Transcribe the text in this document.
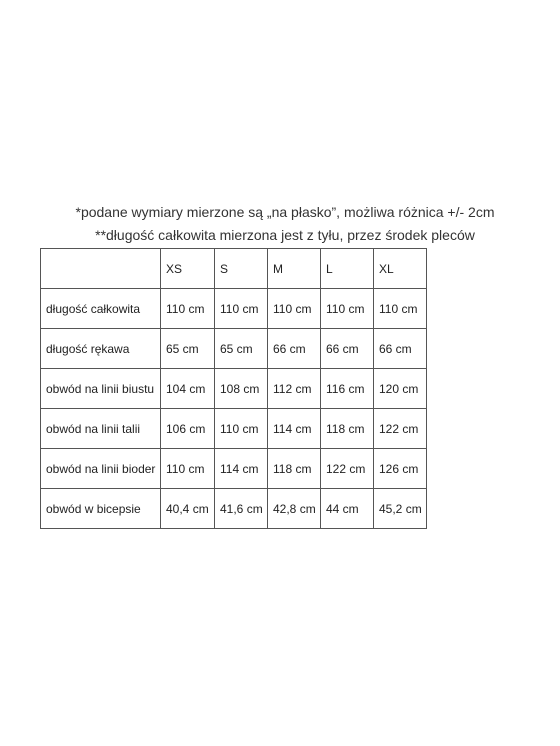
*podane wymiary mierzone są „na płasko”, możliwa różnica +/- 2cm
**długość całkowita mierzona jest z tyłu, przez środek pleców
	XS	S	M	L	XL
długość całkowita	110 cm	110 cm	110 cm	110 cm	110 cm
długość rękawa	65 cm	65 cm	66 cm	66 cm	66 cm
obwód na linii biustu	104 cm	108 cm	112 cm	116 cm	120 cm
obwód na linii talii	106 cm	110 cm	114 cm	118 cm	122 cm
obwód na linii bioder	110 cm	114 cm	118 cm	122 cm	126 cm
obwód w bicepsie	40,4 cm	41,6 cm	42,8 cm	44 cm	45,2 cm
